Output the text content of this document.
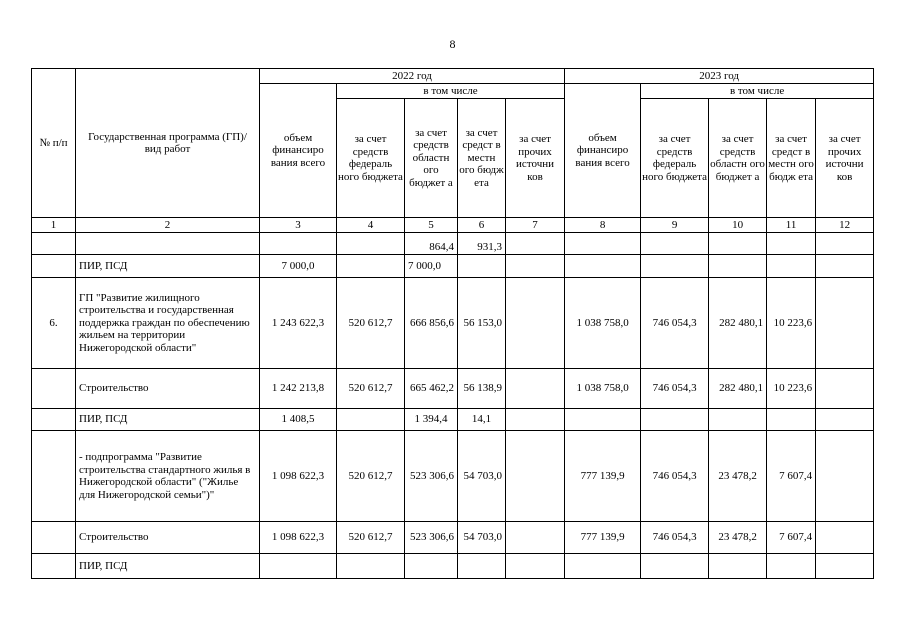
8
№ п/п	Государственная программа (ГП)/ вид работ	2022 год					2023 год				
		объем финансиро вания всего	в том числе				объем финансиро вания всего	в том числе			
			за счет средств федераль ного бюджета	за счет средств областн ого бюджет а	за счет средст в местн ого бюдж ета	за счет прочих источни ков		за счет средств федераль ного бюджета	за счет средств областн ого бюджет а	за счет средст в местн ого бюдж ета	за счет прочих источни ков
1	2	3	4	5	6	7	8	9	10	11	12
				864,4	931,3						
	ПИР, ПСД	7 000,0		7 000,0							
6.	ГП "Развитие жилищного строительства и государственная поддержка граждан по обеспечению жильем на территории Нижегородской области"	1 243 622,3	520 612,7	666 856,6	56 153,0		1 038 758,0	746 054,3	282 480,1	10 223,6	
	Строительство	1 242 213,8	520 612,7	665 462,2	56 138,9		1 038 758,0	746 054,3	282 480,1	10 223,6	
	ПИР, ПСД	1 408,5		1 394,4	14,1						
	- подпрограмма "Развитие строительства стандартного жилья в Нижегородской области" ("Жилье для Нижегородской семьи")"	1 098 622,3	520 612,7	523 306,6	54 703,0		777 139,9	746 054,3	23 478,2	7 607,4	
	Строительство	1 098 622,3	520 612,7	523 306,6	54 703,0		777 139,9	746 054,3	23 478,2	7 607,4	
	ПИР, ПСД										
